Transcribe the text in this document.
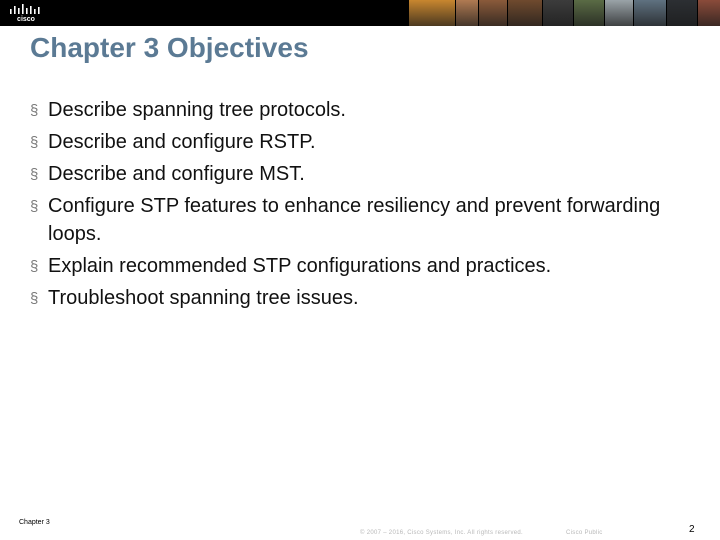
cisco
Chapter 3 Objectives
§ Describe spanning tree protocols.
§ Describe and configure RSTP.
§ Describe and configure MST.
§ Configure STP features to enhance resiliency and prevent forwarding loops.
§ Explain recommended STP configurations and practices.
§ Troubleshoot spanning tree issues.
Chapter 3
© 2007 – 2016, Cisco Systems, Inc. All rights reserved.	Cisco Public	2
